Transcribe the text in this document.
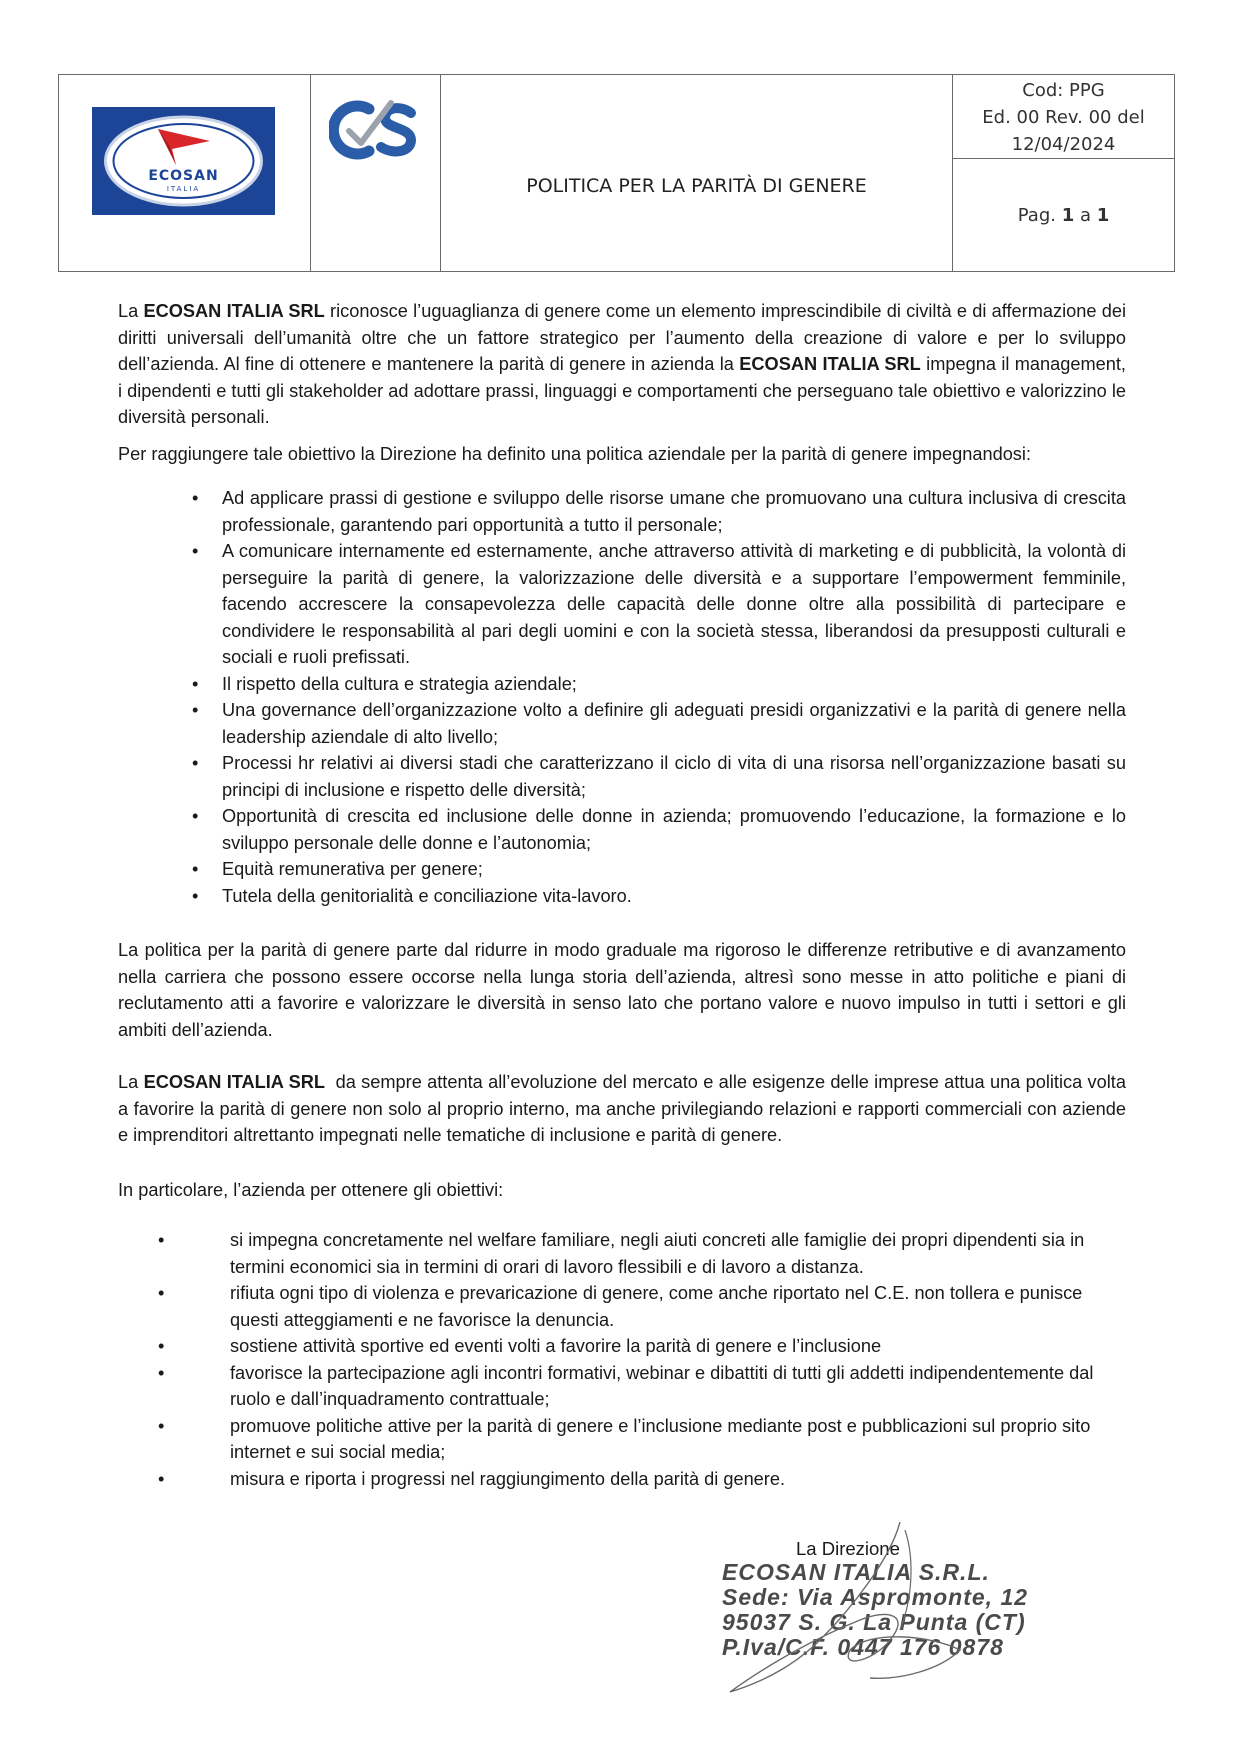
ECOSAN
ITALIA	POLITICA PER LA PARITÀ DI GENERE
Cod: PPG
Ed. 00 Rev. 00 del
12/04/2024
Pag. 1 a 1

La ECOSAN ITALIA SRL riconosce l’uguaglianza di genere come un elemento imprescindibile di civiltà e di affermazione dei diritti universali dell’umanità oltre che un fattore strategico per l’aumento della creazione di valore e per lo sviluppo dell’azienda. Al fine di ottenere e mantenere la parità di genere in azienda la ECOSAN ITALIA SRL impegna il management, i dipendenti e tutti gli stakeholder ad adottare prassi, linguaggi e comportamenti che perseguano tale obiettivo e valorizzino le diversità personali.

Per raggiungere tale obiettivo la Direzione ha definito una politica aziendale per la parità di genere impegnandosi:

• Ad applicare prassi di gestione e sviluppo delle risorse umane che promuovano una cultura inclusiva di crescita professionale, garantendo pari opportunità a tutto il personale;
• A comunicare internamente ed esternamente, anche attraverso attività di marketing e di pubblicità, la volontà di perseguire la parità di genere, la valorizzazione delle diversità e a supportare l’empowerment femminile, facendo accrescere la consapevolezza delle capacità delle donne oltre alla possibilità di partecipare e condividere le responsabilità al pari degli uomini e con la società stessa, liberandosi da presupposti culturali e sociali e ruoli prefissati.
• Il rispetto della cultura e strategia aziendale;
• Una governance dell’organizzazione volto a definire gli adeguati presidi organizzativi e la parità di genere nella leadership aziendale di alto livello;
• Processi hr relativi ai diversi stadi che caratterizzano il ciclo di vita di una risorsa nell’organizzazione basati su principi di inclusione e rispetto delle diversità;
• Opportunità di crescita ed inclusione delle donne in azienda; promuovendo l’educazione, la formazione e lo sviluppo personale delle donne e l’autonomia;
• Equità remunerativa per genere;
• Tutela della genitorialità e conciliazione vita-lavoro.

La politica per la parità di genere parte dal ridurre in modo graduale ma rigoroso le differenze retributive e di avanzamento nella carriera che possono essere occorse nella lunga storia dell’azienda, altresì sono messe in atto politiche e piani di reclutamento atti a favorire e valorizzare le diversità in senso lato che portano valore e nuovo impulso in tutti i settori e gli ambiti dell’azienda.

La ECOSAN ITALIA SRL  da sempre attenta all’evoluzione del mercato e alle esigenze delle imprese attua una politica volta a favorire la parità di genere non solo al proprio interno, ma anche privilegiando relazioni e rapporti commerciali con aziende e imprenditori altrettanto impegnati nelle tematiche di inclusione e parità di genere.

In particolare, l’azienda per ottenere gli obiettivi:

• si impegna concretamente nel welfare familiare, negli aiuti concreti alle famiglie dei propri dipendenti sia in termini economici sia in termini di orari di lavoro flessibili e di lavoro a distanza.
• rifiuta ogni tipo di violenza e prevaricazione di genere, come anche riportato nel C.E. non tollera e punisce questi atteggiamenti e ne favorisce la denuncia.
• sostiene attività sportive ed eventi volti a favorire la parità di genere e l’inclusione
• favorisce la partecipazione agli incontri formativi, webinar e dibattiti di tutti gli addetti indipendentemente dal ruolo e dall’inquadramento contrattuale;
• promuove politiche attive per la parità di genere e l’inclusione mediante post e pubblicazioni sul proprio sito internet e sui social media;
• misura e riporta i progressi nel raggiungimento della parità di genere.
La Direzione
ECOSAN ITALIA S.R.L.
Sede: Via Aspromonte, 12
95037 S. G. La Punta (CT)
P.Iva/C.F. 0447 176 0878
